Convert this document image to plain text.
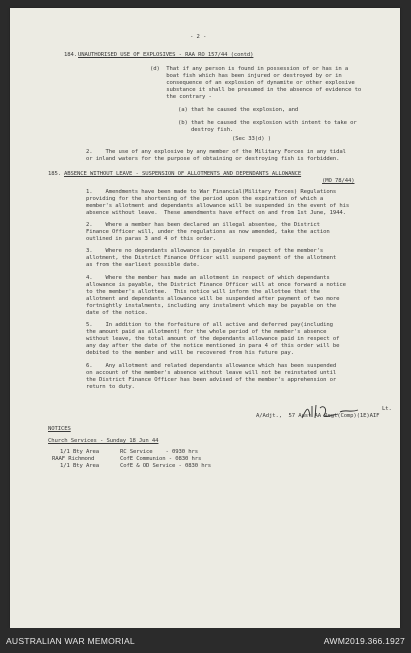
- 2 -
184. UNAUTHORISED USE OF EXPLOSIVES - RAA RO 157/44 (contd)
(d)  That if any person is found in possession of or has in a
boat fish which has been injured or destroyed by or in
consequence of an explosion of dynamite or other explosive
substance it shall be presumed in the absence of evidence to
the contrary -
(a) that he caused the explosion, and
(b) that he caused the explosion with intent to take or
destroy fish.
(Sec 33(d) )
2.    The use of any explosive by any member of the Military Forces in any tidal
or inland waters for the purpose of obtaining or destroying fish is forbidden.
185. ABSENCE WITHOUT LEAVE - SUSPENSION OF ALLOTMENTS AND DEPENDANTS ALLOWANCE
(MO 78/44)
1.    Amendments have been made to War Financial(Military Forces) Regulations
providing for the shortening of the period upon the expiration of which a
member's allotment and dependants allowance will be suspended in the event of his
absence without leave.  These amendments have effect on and from 1st June, 1944.
2.    Where a member has been declared an illegal absentee, the District
Finance Officer will, under the regulations as now amended, take the action
outlined in paras 3 and 4 of this order.
3.    Where no dependants allowance is payable in respect of the member's
allotment, the District Finance Officer will suspend payment of the allotment
as from the earliest possible date.
4.    Where the member has made an allotment in respect of which dependants
allowance is payable, the District Finance Officer will at once forward a notice
to the member's allottee.  This notice will inform the allottee that the
allotment and dependants allowance will be suspended after payment of two more
fortnightly instalments, including any instalment which may be payable on the
date of the notice.
5.    In addition to the forfeiture of all active and deferred pay(including
the amount paid as allotment) for the whole period of the member's absence
without leave, the total amount of the dependants allowance paid in respect of
any day after the date of the notice mentioned in para 4 of this order will be
debited to the member and will be recovered from his future pay.
6.    Any allotment and related dependants allowance which has been suspended
on account of the member's absence without leave will not be reinstated until
the District Finance Officer has been advised of the member's apprehension or
return to duty.
Lt.
A/Adjt.,  57 Aust AA Regt(Comp)(1E)AIF
NOTICES
Church Services - Sunday 18 Jun 44
1/1 Bty Area	RC Service    - 0930 hrs
RAAF Richmond	CofE Communion - 0830 hrs
1/1 Bty Area	CofE & OD Service - 0830 hrs
AUSTRALIAN WAR MEMORIAL	AWM2019.366.1927
